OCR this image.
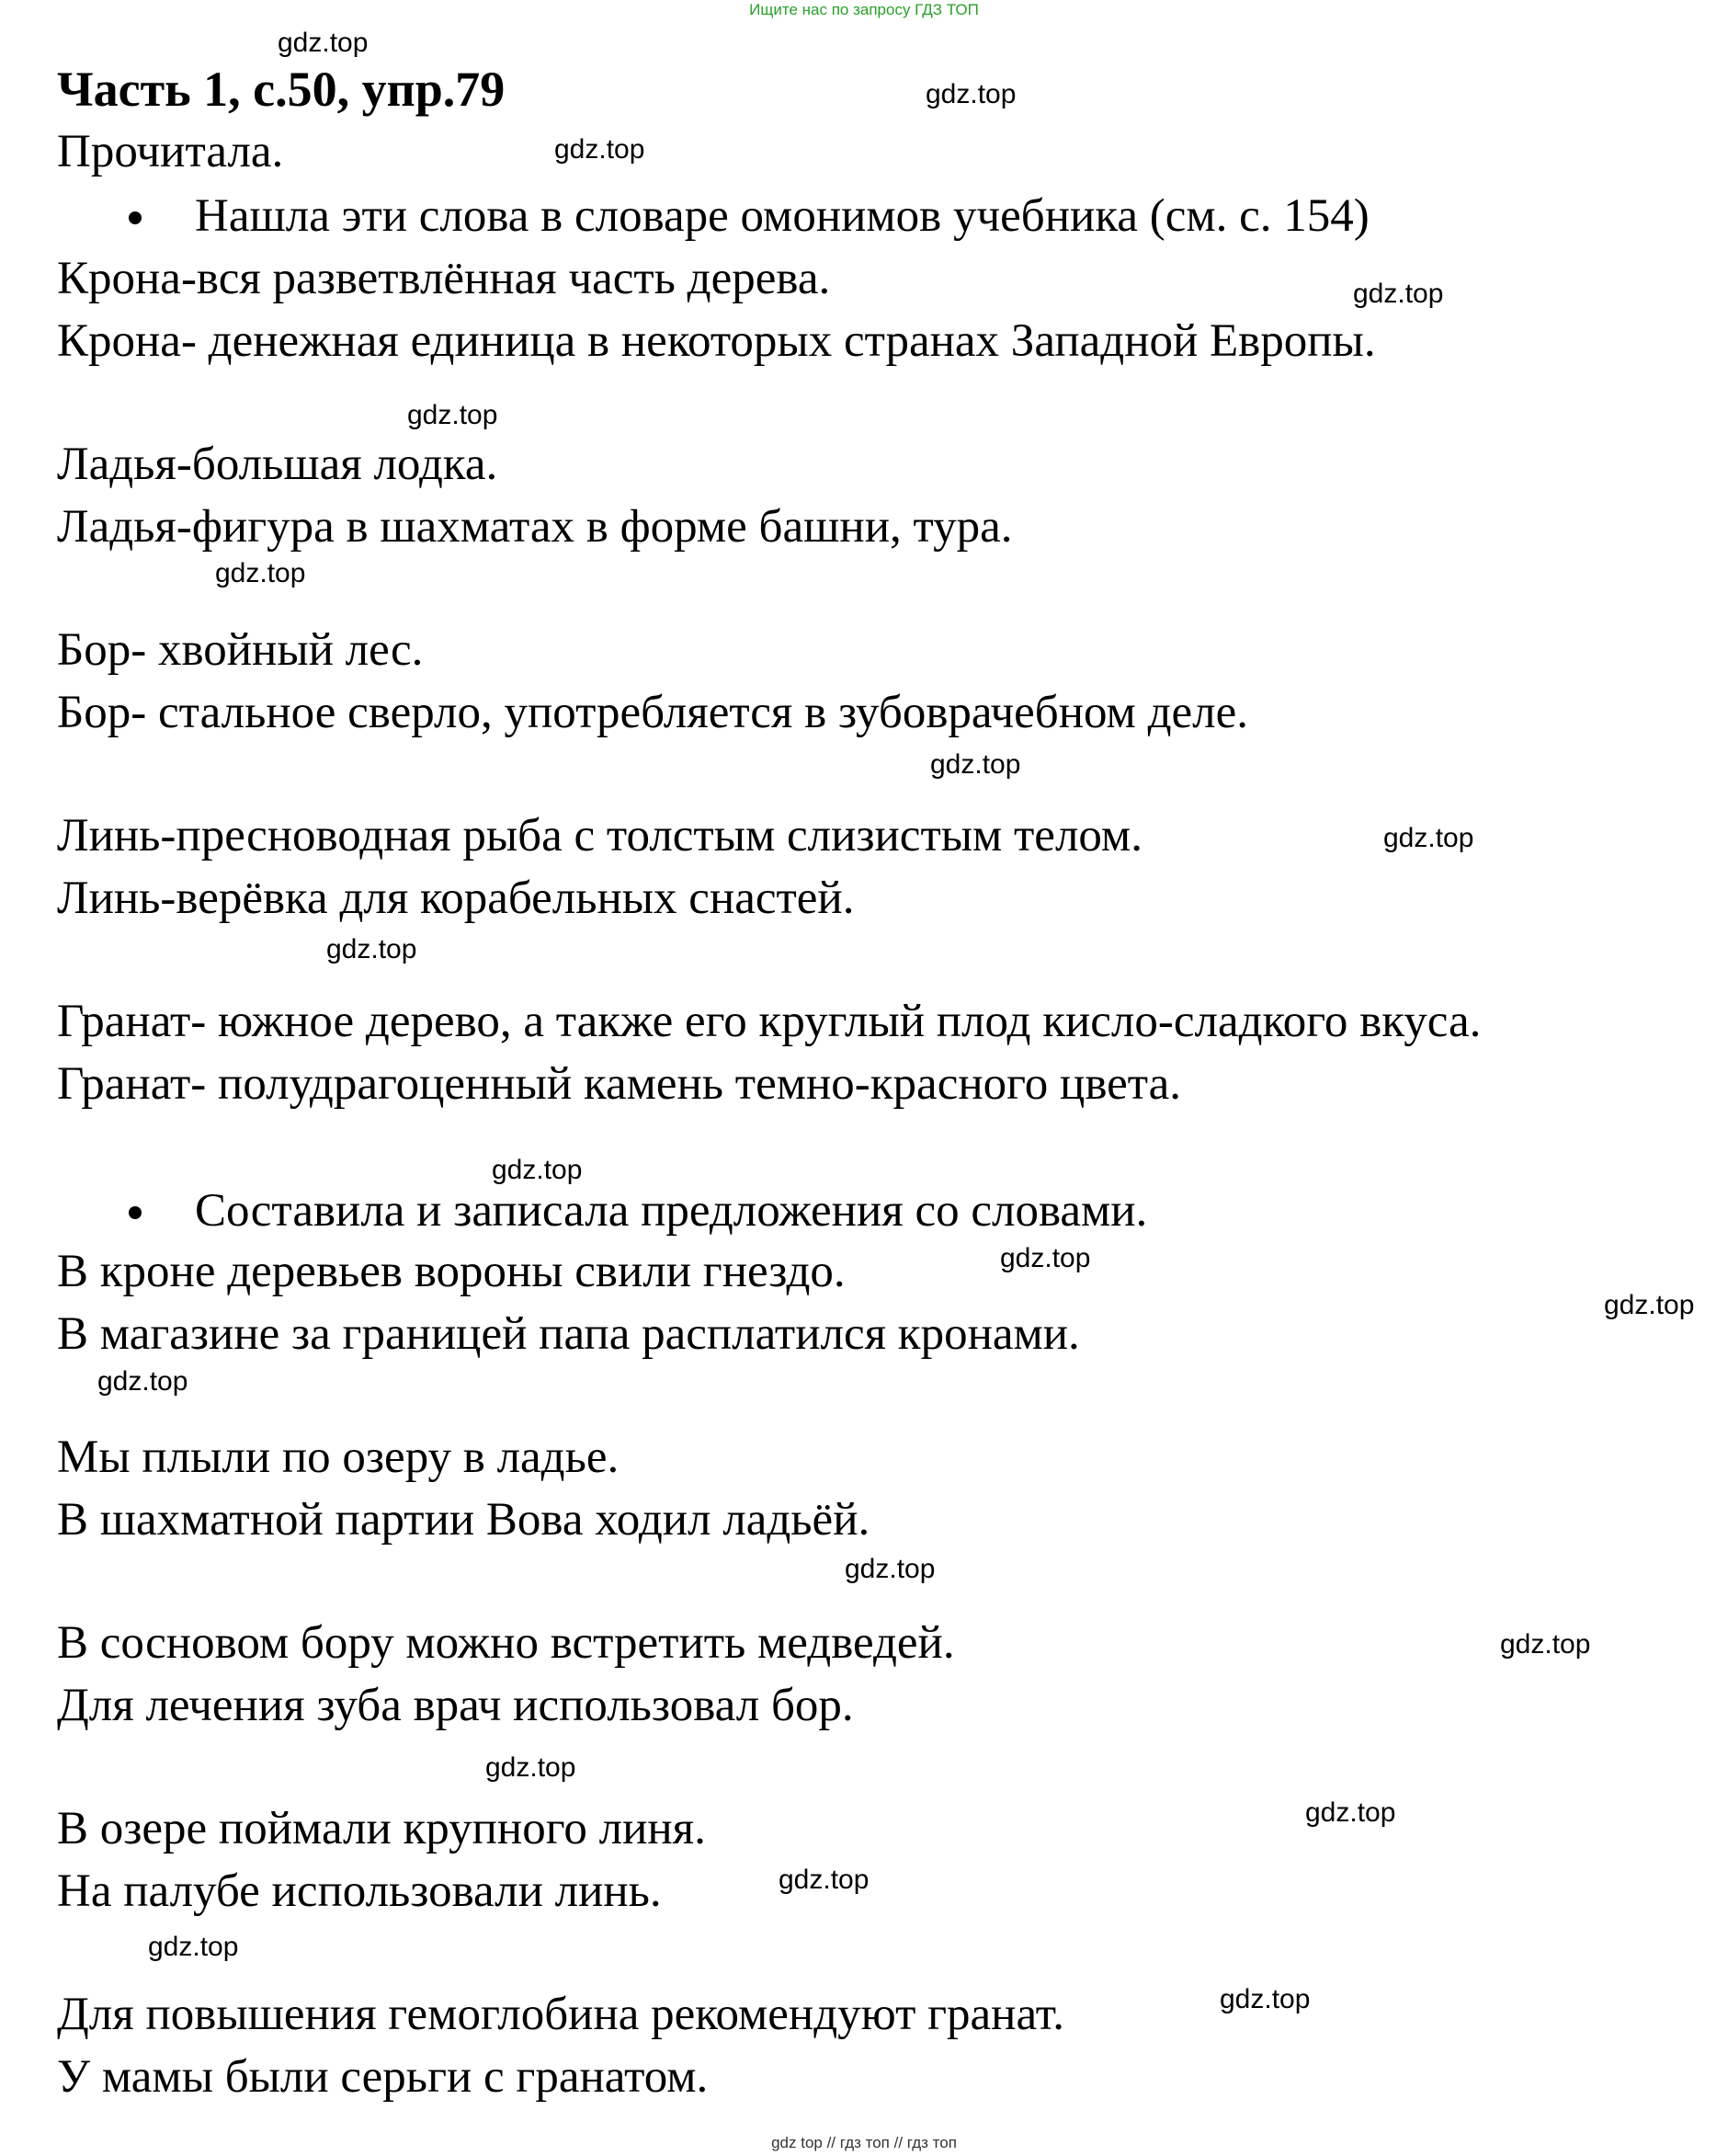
Ищите нас по запросу ГДЗ ТОП
Часть 1, с.50, упр.79
Прочитала.
Нашла эти слова в словаре омонимов учебника (см. с. 154)
Крона-вся разветвлённая часть дерева.
Крона- денежная единица в некоторых странах Западной Европы.
Ладья-большая лодка.
Ладья-фигура в шахматах в форме башни, тура.
Бор- хвойный лес.
Бор- стальное сверло, употребляется в зубоврачебном деле.
Линь-пресноводная рыба с толстым слизистым телом.
Линь-верёвка для корабельных снастей.
Гранат- южное дерево, а также его круглый плод кисло-сладкого вкуса.
Гранат- полудрагоценный камень темно-красного цвета.
Составила и записала предложения со словами.
В кроне деревьев вороны свили гнездо.
В магазине за границей папа расплатился кронами.
Мы плыли по озеру в ладье.
В шахматной партии Вова ходил ладьёй.
В сосновом бору можно встретить медведей.
Для лечения зуба врач использовал бор.
В озере поймали крупного линя.
На палубе использовали линь.
Для повышения гемоглобина рекомендуют гранат.
У мамы были серьги с гранатом.
gdz.top
gdz.top
gdz.top
gdz.top
gdz.top
gdz.top
gdz.top
gdz.top
gdz.top
gdz.top
gdz.top
gdz.top
gdz.top
gdz.top
gdz.top
gdz.top
gdz.top
gdz.top
gdz.top
gdz.top
gdz top // гдз топ // гдз топ
